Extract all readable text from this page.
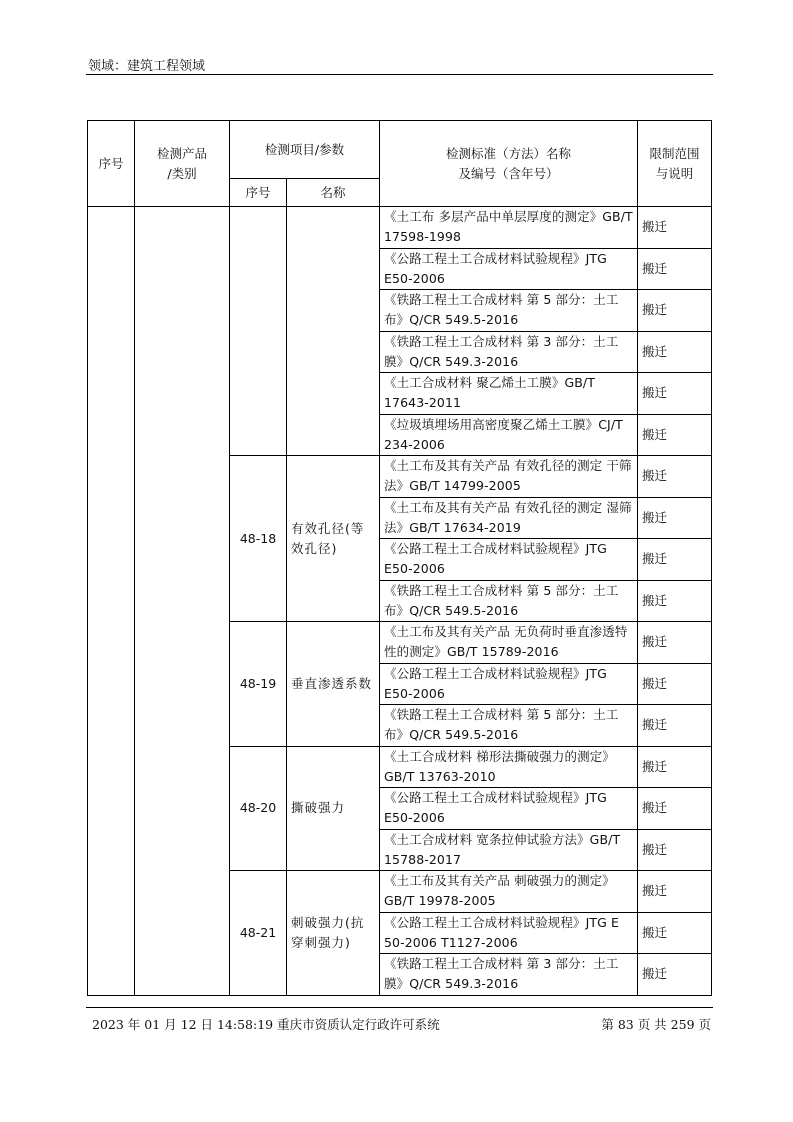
领域：建筑工程领域
序号	检测产品
/类别	检测项目/参数		检测标准（方法）名称
及编号（含年号）	限制范围
与说明
		序号	名称		
				《土工布 多层产品中单层厚度的测定》GB/T 17598-1998	搬迁
				《公路工程土工合成材料试验规程》JTG E50-2006	搬迁
				《铁路工程土工合成材料 第 5 部分：土工布》Q/CR 549.5-2016	搬迁
				《铁路工程土工合成材料 第 3 部分：土工膜》Q/CR 549.3-2016	搬迁
				《土工合成材料 聚乙烯土工膜》GB/T 17643-2011	搬迁
				《垃圾填埋场用高密度聚乙烯土工膜》CJ/T 234-2006	搬迁
		48-18	有效孔径(等效孔径)	《土工布及其有关产品 有效孔径的测定 干筛法》GB/T 14799-2005	搬迁
				《土工布及其有关产品 有效孔径的测定 湿筛法》GB/T 17634-2019	搬迁
				《公路工程土工合成材料试验规程》JTG E50-2006	搬迁
				《铁路工程土工合成材料 第 5 部分：土工布》Q/CR 549.5-2016	搬迁
		48-19	垂直渗透系数	《土工布及其有关产品 无负荷时垂直渗透特性的测定》GB/T 15789-2016	搬迁
				《公路工程土工合成材料试验规程》JTG E50-2006	搬迁
				《铁路工程土工合成材料 第 5 部分：土工布》Q/CR 549.5-2016	搬迁
		48-20	撕破强力	《土工合成材料 梯形法撕破强力的测定》GB/T 13763-2010	搬迁
				《公路工程土工合成材料试验规程》JTG E50-2006	搬迁
				《土工合成材料 宽条拉伸试验方法》GB/T 15788-2017	搬迁
		48-21	刺破强力(抗穿刺强力)	《土工布及其有关产品 刺破强力的测定》GB/T 19978-2005	搬迁
				《公路工程土工合成材料试验规程》JTG E 50-2006 T1127-2006	搬迁
				《铁路工程土工合成材料 第 3 部分：土工膜》Q/CR 549.3-2016	搬迁
2023 年 01 月 12 日 14:58:19 重庆市资质认定行政许可系统	第 83 页 共 259 页
